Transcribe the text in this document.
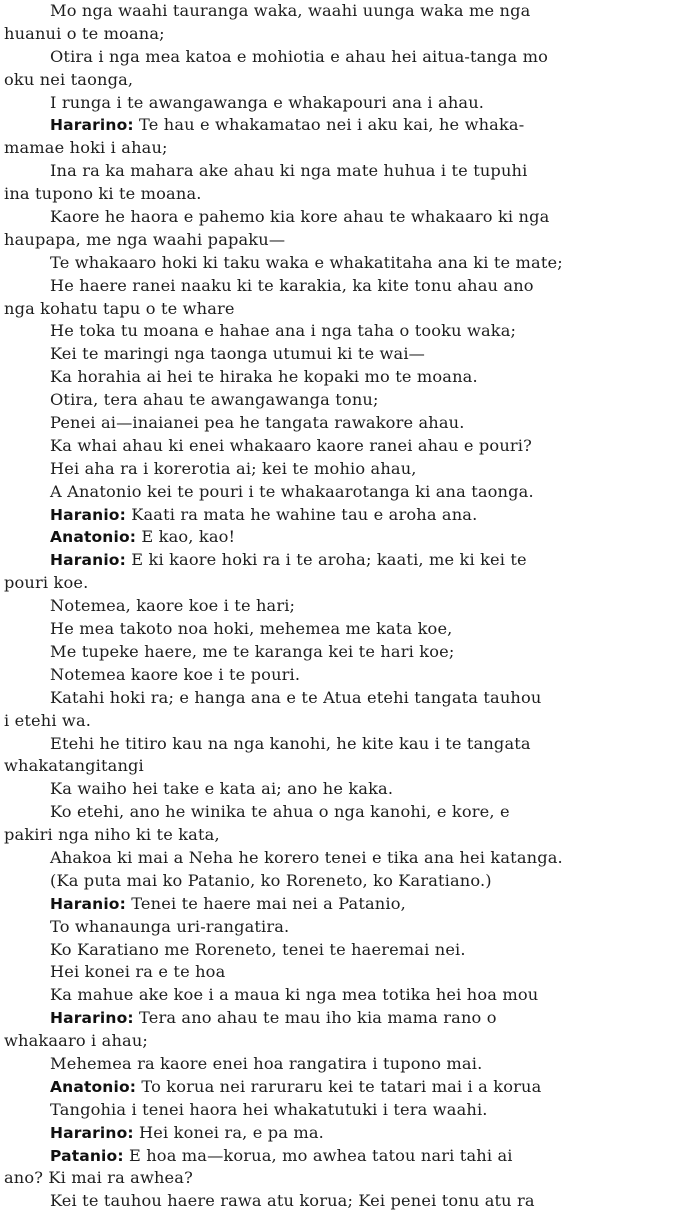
Mo nga waahi tauranga waka, waahi uunga waka me nga
huanui o te moana;
Otira i nga mea katoa e mohiotia e ahau hei aitua-tanga mo
oku nei taonga,
I runga i te awangawanga e whakapouri ana i ahau.
Hararino: Te hau e whakamatao nei i aku kai, he whaka-
mamae hoki i ahau;
Ina ra ka mahara ake ahau ki nga mate huhua i te tupuhi
ina tupono ki te moana.
Kaore he haora e pahemo kia kore ahau te whakaaro ki nga
haupapa, me nga waahi papaku—
Te whakaaro hoki ki taku waka e whakatitaha ana ki te mate;
He haere ranei naaku ki te karakia, ka kite tonu ahau ano
nga kohatu tapu o te whare
He toka tu moana e hahae ana i nga taha o tooku waka;
Kei te maringi nga taonga utumui ki te wai—
Ka horahia ai hei te hiraka he kopaki mo te moana.
Otira, tera ahau te awangawanga tonu;
Penei ai—inaianei pea he tangata rawakore ahau.
Ka whai ahau ki enei whakaaro kaore ranei ahau e pouri?
Hei aha ra i korerotia ai; kei te mohio ahau,
A Anatonio kei te pouri i te whakaarotanga ki ana taonga.
Haranio: Kaati ra mata he wahine tau e aroha ana.
Anatonio: E kao, kao!
Haranio: E ki kaore hoki ra i te aroha; kaati, me ki kei te
pouri koe.
Notemea, kaore koe i te hari;
He mea takoto noa hoki, mehemea me kata koe,
Me tupeke haere, me te karanga kei te hari koe;
Notemea kaore koe i te pouri.
Katahi hoki ra; e hanga ana e te Atua etehi tangata tauhou
i etehi wa.
Etehi he titiro kau na nga kanohi, he kite kau i te tangata
whakatangitangi
Ka waiho hei take e kata ai; ano he kaka.
Ko etehi, ano he winika te ahua o nga kanohi, e kore, e
pakiri nga niho ki te kata,
Ahakoa ki mai a Neha he korero tenei e tika ana hei katanga.
(Ka puta mai ko Patanio, ko Roreneto, ko Karatiano.)
Haranio: Tenei te haere mai nei a Patanio,
To whanaunga uri-rangatira.
Ko Karatiano me Roreneto, tenei te haeremai nei.
Hei konei ra e te hoa
Ka mahue ake koe i a maua ki nga mea totika hei hoa mou
Hararino: Tera ano ahau te mau iho kia mama rano o
whakaaro i ahau;
Mehemea ra kaore enei hoa rangatira i tupono mai.
Anatonio: To korua nei raruraru kei te tatari mai i a korua
Tangohia i tenei haora hei whakatutuki i tera waahi.
Hararino: Hei konei ra, e pa ma.
Patanio: E hoa ma—korua, mo awhea tatou nari tahi ai
ano? Ki mai ra awhea?
Kei te tauhou haere rawa atu korua; Kei penei tonu atu ra
